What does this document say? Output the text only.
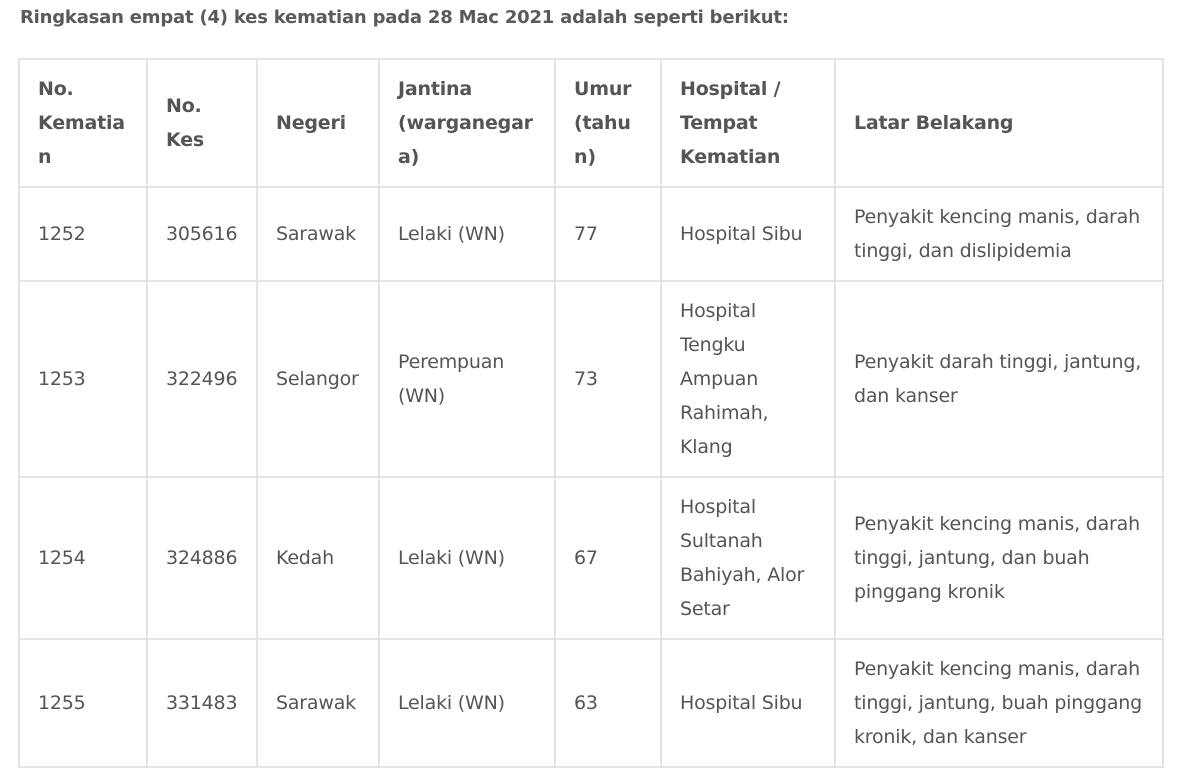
Ringkasan empat (4) kes kematian pada 28 Mac 2021 adalah seperti berikut:

No. Kematian	No. Kes	Negeri	Jantina (warganegara)	Umur (tahun)	Hospital / Tempat Kematian	Latar Belakang
1252	305616	Sarawak	Lelaki (WN)	77	Hospital Sibu	Penyakit kencing manis, darah tinggi, dan dislipidemia
1253	322496	Selangor	Perempuan (WN)	73	Hospital Tengku Ampuan Rahimah, Klang	Penyakit darah tinggi, jantung, dan kanser
1254	324886	Kedah	Lelaki (WN)	67	Hospital Sultanah Bahiyah, Alor Setar	Penyakit kencing manis, darah tinggi, jantung, dan buah pinggang kronik
1255	331483	Sarawak	Lelaki (WN)	63	Hospital Sibu	Penyakit kencing manis, darah tinggi, jantung, buah pinggang kronik, dan kanser
